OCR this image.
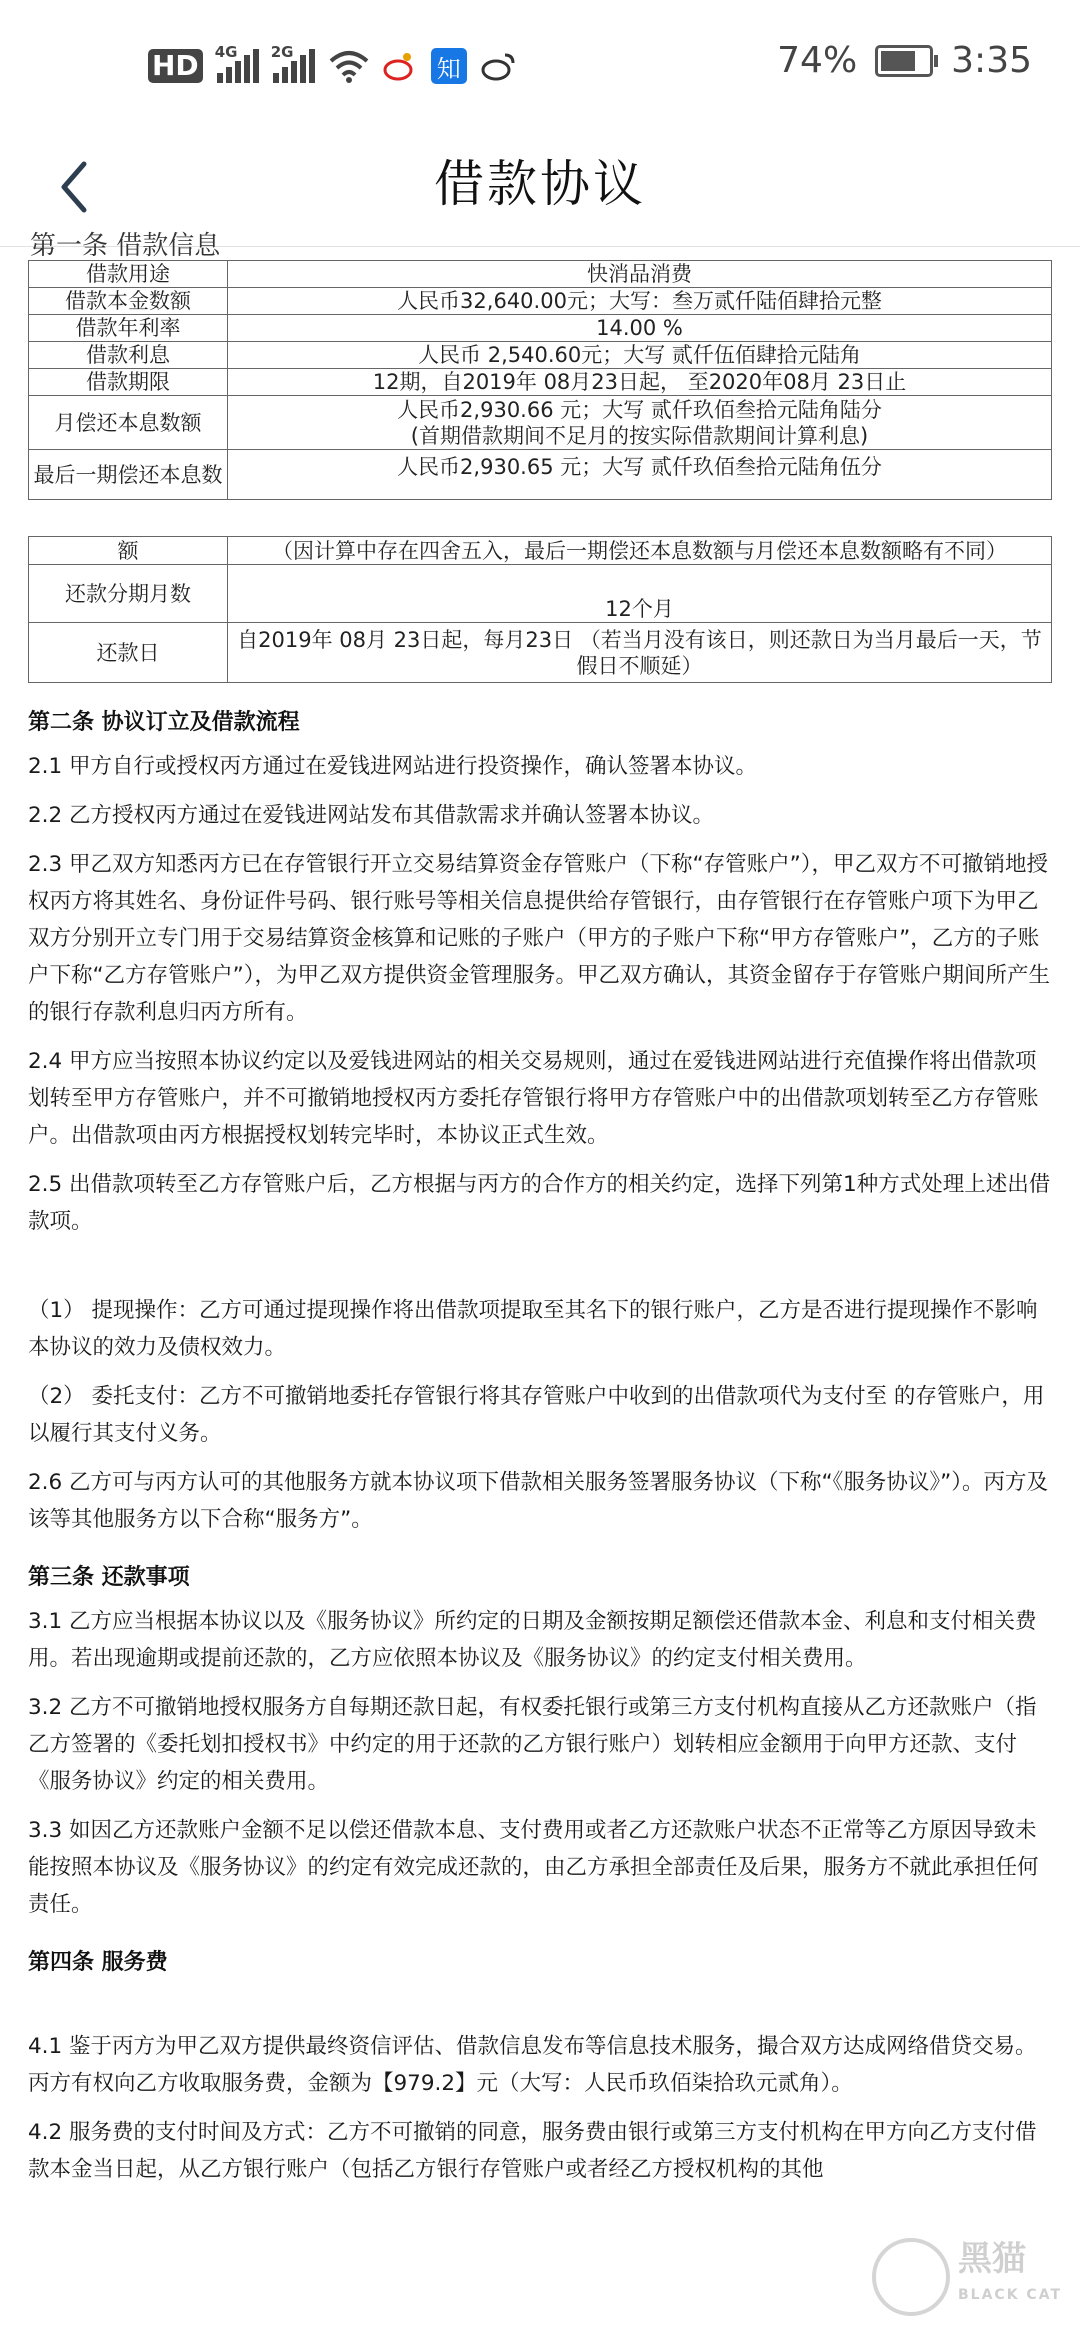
HD 4G 2G
知	74%	3:35
借款协议
第一条 借款信息
借款用途	快消品消费
借款本金数额	人民币32,640.00元；大写：叁万贰仟陆佰肆拾元整
借款年利率	14.00 %
借款利息	人民币 2,540.60元；大写 贰仟伍佰肆拾元陆角
借款期限	12期，自2019年 08月23日起， 至2020年08月 23日止
月偿还本息数额	人民币2,930.66 元；大写 贰仟玖佰叁拾元陆角陆分
(首期借款期间不足月的按实际借款期间计算利息)

最后一期偿还本息数	人民币2,930.65 元；大写 贰仟玖佰叁拾元陆角伍分
额	（因计算中存在四舍五入，最后一期偿还本息数额与月偿还本息数额略有不同）
还款分期月数	12个月
还款日	自2019年 08月 23日起，每月23日 （若当月没有该日，则还款日为当月最后一天，节假日不顺延）
第二条 协议订立及借款流程

2.1 甲方自行或授权丙方通过在爱钱进网站进行投资操作，确认签署本协议。

2.2 乙方授权丙方通过在爱钱进网站发布其借款需求并确认签署本协议。

2.3 甲乙双方知悉丙方已在存管银行开立交易结算资金存管账户（下称“存管账户”），甲乙双方不可撤销地授权丙方将其姓名、身份证件号码、银行账号等相关信息提供给存管银行，由存管银行在存管账户项下为甲乙双方分别开立专门用于交易结算资金核算和记账的子账户（甲方的子账户下称“甲方存管账户”，乙方的子账户下称“乙方存管账户”），为甲乙双方提供资金管理服务。甲乙双方确认，其资金留存于存管账户期间所产生的银行存款利息归丙方所有。

2.4 甲方应当按照本协议约定以及爱钱进网站的相关交易规则，通过在爱钱进网站进行充值操作将出借款项划转至甲方存管账户，并不可撤销地授权丙方委托存管银行将甲方存管账户中的出借款项划转至乙方存管账户。出借款项由丙方根据授权划转完毕时，本协议正式生效。

2.5 出借款项转至乙方存管账户后，乙方根据与丙方的合作方的相关约定，选择下列第1种方式处理上述出借款项。

（1） 提现操作：乙方可通过提现操作将出借款项提取至其名下的银行账户，乙方是否进行提现操作不影响本协议的效力及债权效力。

（2） 委托支付：乙方不可撤销地委托存管银行将其存管账户中收到的出借款项代为支付至 的存管账户，用以履行其支付义务。

2.6 乙方可与丙方认可的其他服务方就本协议项下借款相关服务签署服务协议（下称“《服务协议》”）。丙方及该等其他服务方以下合称“服务方”。

第三条 还款事项

3.1 乙方应当根据本协议以及《服务协议》所约定的日期及金额按期足额偿还借款本金、利息和支付相关费用。若出现逾期或提前还款的，乙方应依照本协议及《服务协议》的约定支付相关费用。

3.2 乙方不可撤销地授权服务方自每期还款日起，有权委托银行或第三方支付机构直接从乙方还款账户（指乙方签署的《委托划扣授权书》中约定的用于还款的乙方银行账户）划转相应金额用于向甲方还款、支付《服务协议》约定的相关费用。

3.3 如因乙方还款账户金额不足以偿还借款本息、支付费用或者乙方还款账户状态不正常等乙方原因导致未能按照本协议及《服务协议》的约定有效完成还款的，由乙方承担全部责任及后果，服务方不就此承担任何责任。

第四条 服务费

4.1 鉴于丙方为甲乙双方提供最终资信评估、借款信息发布等信息技术服务，撮合双方达成网络借贷交易。丙方有权向乙方收取服务费，金额为【979.2】元（大写：人民币玖佰柒拾玖元贰角）。

4.2 服务费的支付时间及方式：乙方不可撤销的同意，服务费由银行或第三方支付机构在甲方向乙方支付借款本金当日起，从乙方银行账户（包括乙方银行存管账户或者经乙方授权机构的其他

黑猫
BLACK CAT
